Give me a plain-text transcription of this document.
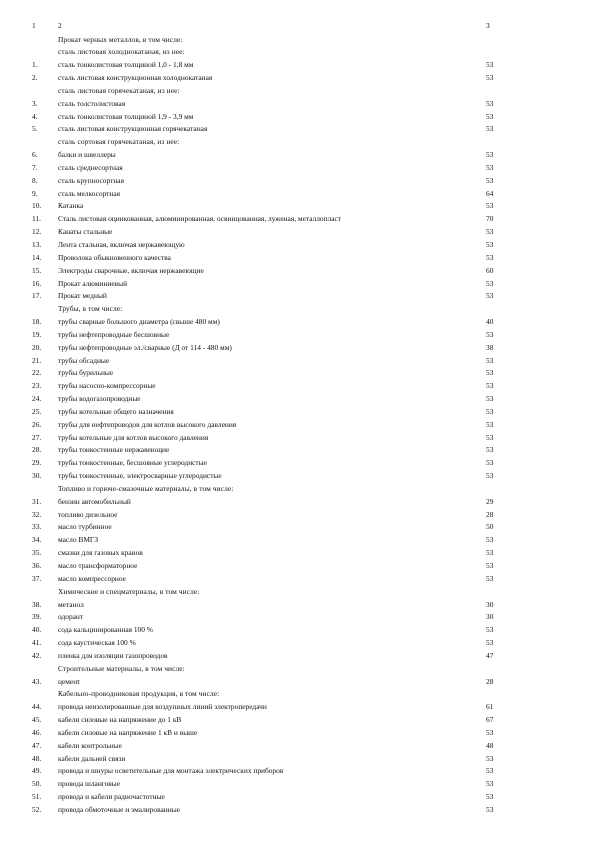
1	2	3
Прокат черных металлов, в том числе:
сталь листовая холоднокатаная, из нее:
1.	сталь тонколистовая толщиной 1,0 - 1,8 мм	53
2.	сталь листовая конструкционная холоднокатаная	53
сталь листовая горячекатаная, из нее:
3.	сталь толстолистовая	53
4.	сталь тонколистовая толщиной 1,9 - 3,9 мм	53
5.	сталь листовая конструкционная горячекатаная	53
сталь сортовая горячекатаная, из нее:
6.	балки и швеллеры	53
7.	сталь среднесортная	53
8.	сталь крупносортная	53
9.	сталь мелкосортная	64
10. Катанка	53
11. Сталь листовая оцинкованная, алюминированная, освинцованная, луженая, металлопласт	70
12. Канаты стальные	53
13. Лента стальная, включая нержавеющую	53
14. Проволока обыкновенного качества	53
15. Электроды сварочные, включая нержавеющие	60
16. Прокат алюминиевый	53
17. Прокат медный	53
Трубы, в том числе:
18. трубы сварные большого диаметра (свыше 480 мм)	40
19. трубы нефтепроводные бесшовные	53
20. трубы нефтепроводные эл./сварные (Д от 114 - 480 мм)	38
21. трубы обсадные	53
22. трубы бурильные	53
23. трубы насосно-компрессорные	53
24. трубы водогазопроводные	53
25. трубы котельные общего назначения	53
26. трубы для нефтепроводов для котлов высокого давления	53
27. трубы котельные для котлов высокого давления	53
28. трубы тонкостенные нержавеющие	53
29. трубы тонкостенные, бесшовные углеродистые	53
30. трубы тонкостенные, электросварные углеродистые	53
Топливо и горюче-смазочные материалы, в том числе:
31. бензин автомобильный	29
32. топливо дизельное	28
33. масло турбинное	50
34. масло ВМГЗ	53
35. смазки для газовых кранов	53
36. масло трансформаторное	53
37. масло компрессорное	53
Химические и спецматериалы, в том числе:
38. метанол	30
39. одорант	30
40. сода кальцинированная 100 %	53
41. сода каустическая 100 %	53
42. пленка для изоляции газопроводов	47
Строительные материалы, в том числе:
43. цемент	28
Кабельно-проводниковая продукция, в том числе:
44. провода неизолированные для воздушных линий электропередачи	61
45. кабели силовые на напряжение до 1 кВ	67
46. кабели силовые на напряжение 1 кВ и выше	53
47. кабели контрольные	48
48. кабели дальней связи	53
49. провода и шнуры осветительные для монтажа электрических приборов	53
50. провода шланговые	53
51. провода и кабели радиочастотные	53
52. провода обмоточные и эмалированные	53
